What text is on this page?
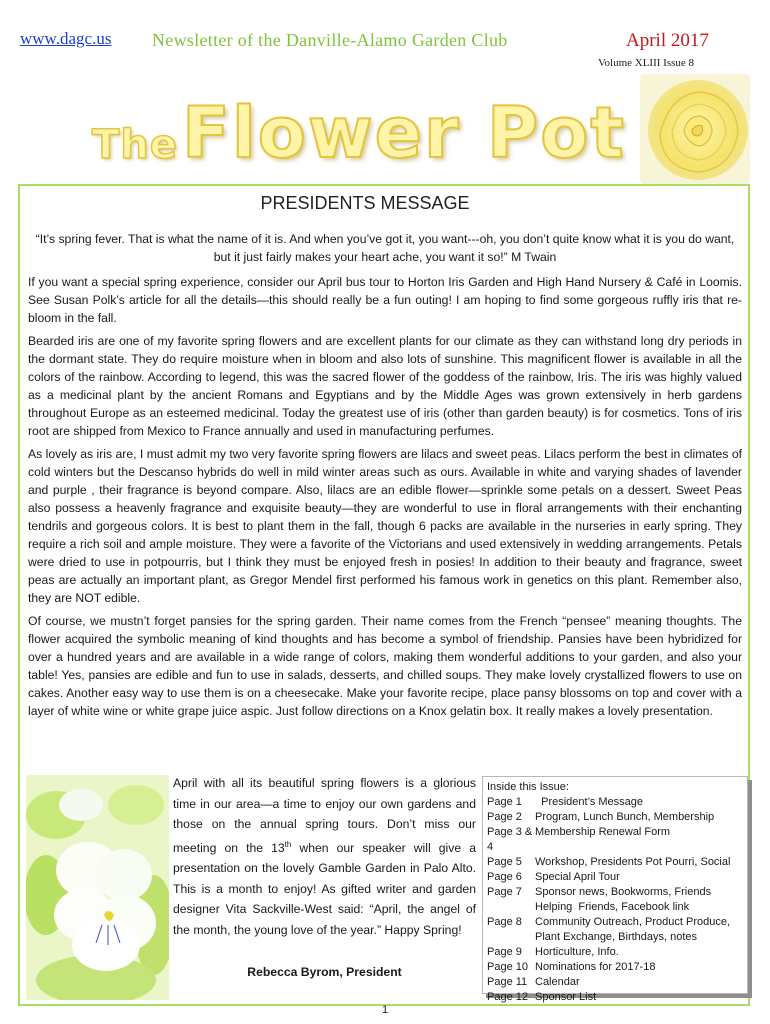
www.dagc.us Newsletter of the Danville-Alamo Garden Club	April 2017
Volume XLIII Issue 8
The Flower Pot
PRESIDENTS MESSAGE

“It’s spring fever. That is what the name of it is. And when you’ve got it, you want---oh, you don’t quite know what it is you do want, but it just fairly makes your heart ache, you want it so!” M Twain

If you want a special spring experience, consider our April bus tour to Horton Iris Garden and High Hand Nursery & Café in Loomis. See Susan Polk’s article for all the details—this should really be a fun outing! I am hoping to find some gorgeous ruffly iris that re-bloom in the fall.

Bearded iris are one of my favorite spring flowers and are excellent plants for our climate as they can withstand long dry periods in the dormant state. They do require moisture when in bloom and also lots of sunshine. This magnificent flower is available in all the colors of the rainbow. According to legend, this was the sacred flower of the goddess of the rainbow, Iris. The iris was highly valued as a medicinal plant by the ancient Romans and Egyptians and by the Middle Ages was grown extensively in herb gardens throughout Europe as an esteemed medicinal. Today the greatest use of iris (other than garden beauty) is for cosmetics. Tons of iris root are shipped from Mexico to France annually and used in manufacturing perfumes.

As lovely as iris are, I must admit my two very favorite spring flowers are lilacs and sweet peas. Lilacs perform the best in climates of cold winters but the Descanso hybrids do well in mild winter areas such as ours. Available in white and varying shades of lavender and purple , their fragrance is beyond compare. Also, lilacs are an edible flower—sprinkle some petals on a dessert. Sweet Peas also possess a heavenly fragrance and exquisite beauty—they are wonderful to use in floral arrangements with their enchanting tendrils and gorgeous colors. It is best to plant them in the fall, though 6 packs are available in the nurseries in early spring. They require a rich soil and ample moisture. They were a favorite of the Victorians and used extensively in wedding arrangements. Petals were dried to use in potpourris, but I think they must be enjoyed fresh in posies! In addition to their beauty and fragrance, sweet peas are actually an important plant, as Gregor Mendel first performed his famous work in genetics on this plant. Remember also, they are NOT edible.

Of course, we mustn’t forget pansies for the spring garden. Their name comes from the French “pensee” meaning thoughts. The flower acquired the symbolic meaning of kind thoughts and has become a symbol of friendship. Pansies have been hybridized for over a hundred years and are available in a wide range of colors, making them wonderful additions to your garden, and also your table! Yes, pansies are edible and fun to use in salads, desserts, and chilled soups. They make lovely crystallized flowers to use on cakes. Another easy way to use them is on a cheesecake. Make your favorite recipe, place pansy blossoms on top and cover with a layer of white wine or white grape juice aspic. Just follow directions on a Knox gelatin box. It really makes a lovely presentation.

April with all its beautiful spring flowers is a glorious time in our area—a time to enjoy our own gardens and those on the annual spring tours. Don’t miss our meeting on the 13th when our speaker will give a presentation on the lovely Gamble Garden in Palo Alto. This is a month to enjoy! As gifted writer and garden designer Vita Sackville-West said: “April, the angel of the month, the young love of the year.” Happy Spring!
Rebecca Byrom, President
Inside this Issue:
Page 1	President’s Message
Page 2	Program, Lunch Bunch, Membership
Page 3 & 4
Membership Renewal Form
Page 5	Workshop, Presidents Pot Pourri, Social
Page 6	Special April Tour
Page 7	Sponsor news, Bookworms, Friends
Helping  Friends, Facebook link
Page 8	Community Outreach, Product Produce,
Plant Exchange, Birthdays, notes
Page 9	Horticulture, Info.
Page 10 Nominations for 2017-18
Page 11 Calendar
Page 12 Sponsor List
1
